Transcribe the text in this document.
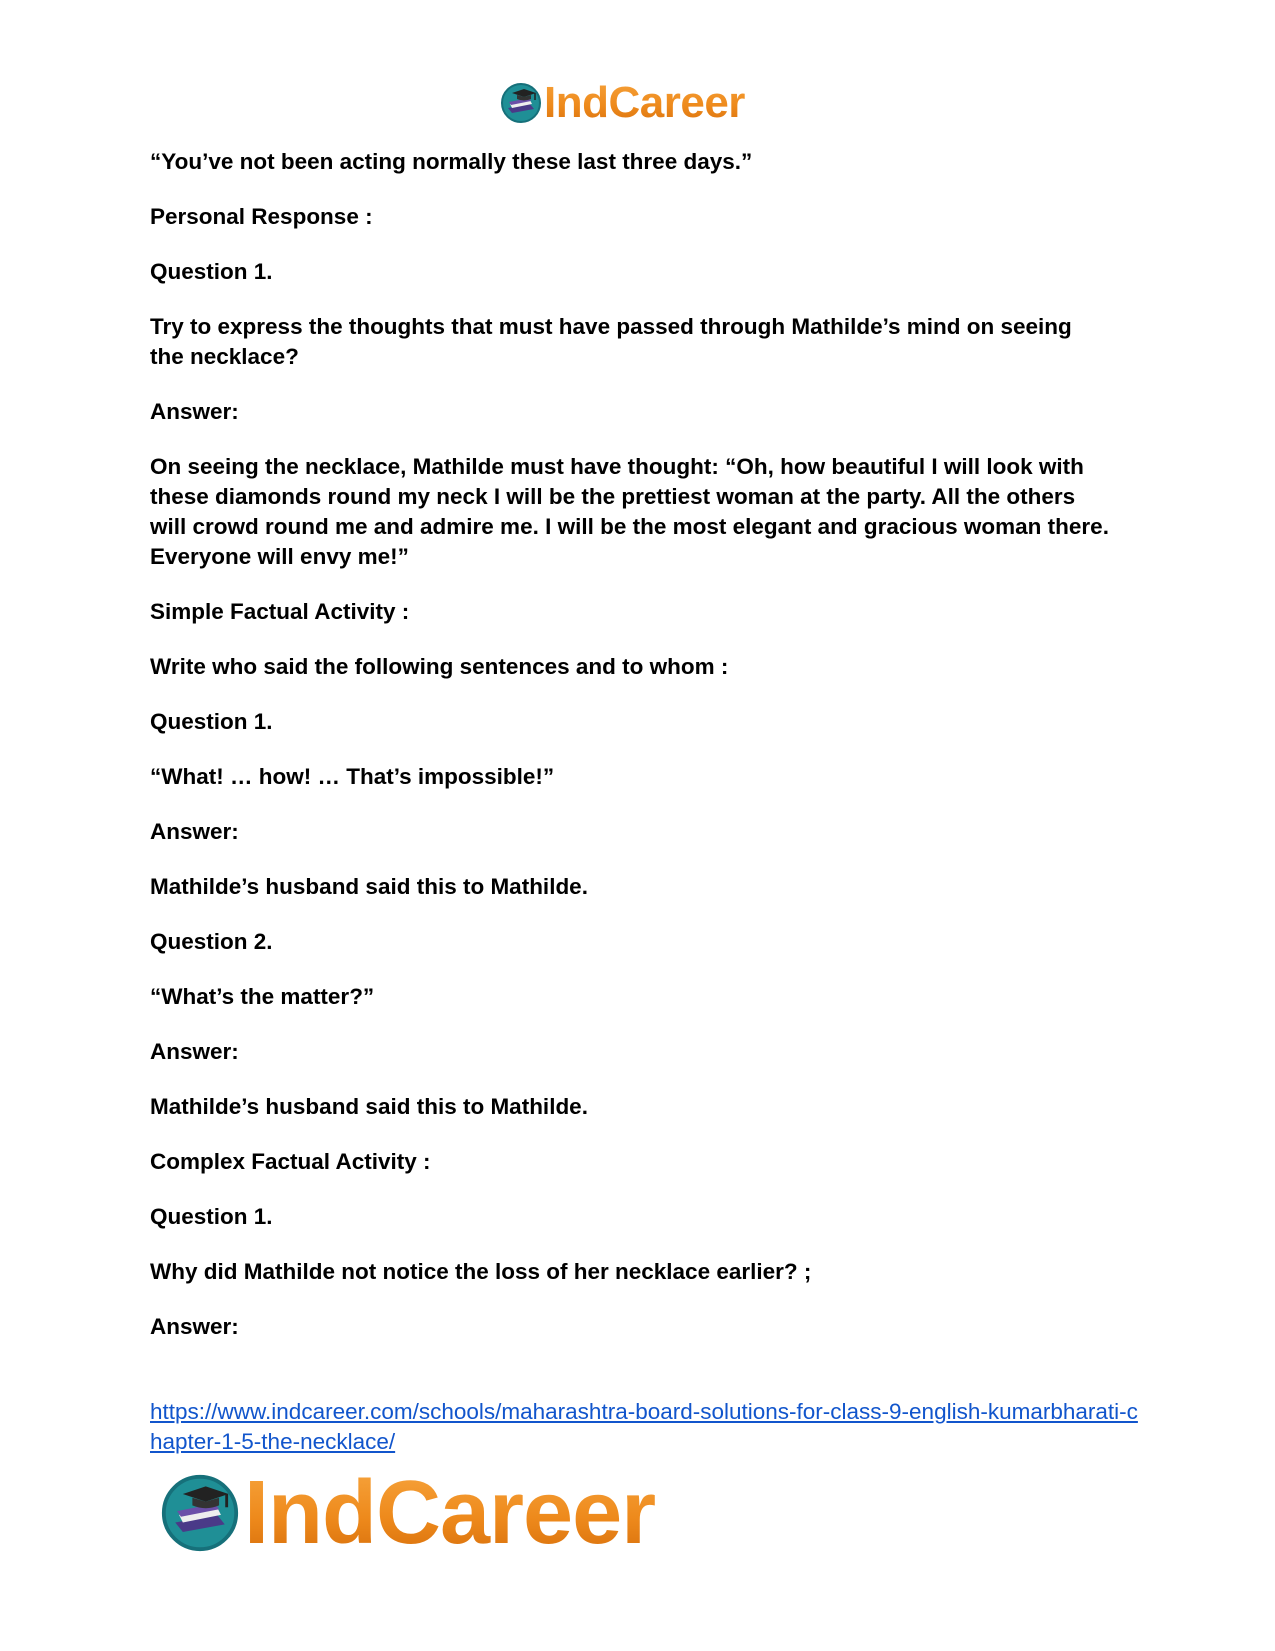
IndCareer

“You’ve not been acting normally these last three days.”

Personal Response :

Question 1.

Try to express the thoughts that must have passed through Mathilde’s mind on seeing the necklace?

Answer:

On seeing the necklace, Mathilde must have thought: “Oh, how beautiful I will look with these diamonds round my neck I will be the prettiest woman at the party. All the others will crowd round me and admire me. I will be the most elegant and gracious woman there. Everyone will envy me!”

Simple Factual Activity :

Write who said the following sentences and to whom :

Question 1.

“What! … how! … That’s impossible!”

Answer:

Mathilde’s husband said this to Mathilde.

Question 2.

“What’s the matter?”

Answer:

Mathilde’s husband said this to Mathilde.

Complex Factual Activity :

Question 1.

Why did Mathilde not notice the loss of her necklace earlier? ;

Answer:

https://www.indcareer.com/schools/maharashtra-board-solutions-for-class-9-english-kumarbharati-chapter-1-5-the-necklace/
IndCareer
